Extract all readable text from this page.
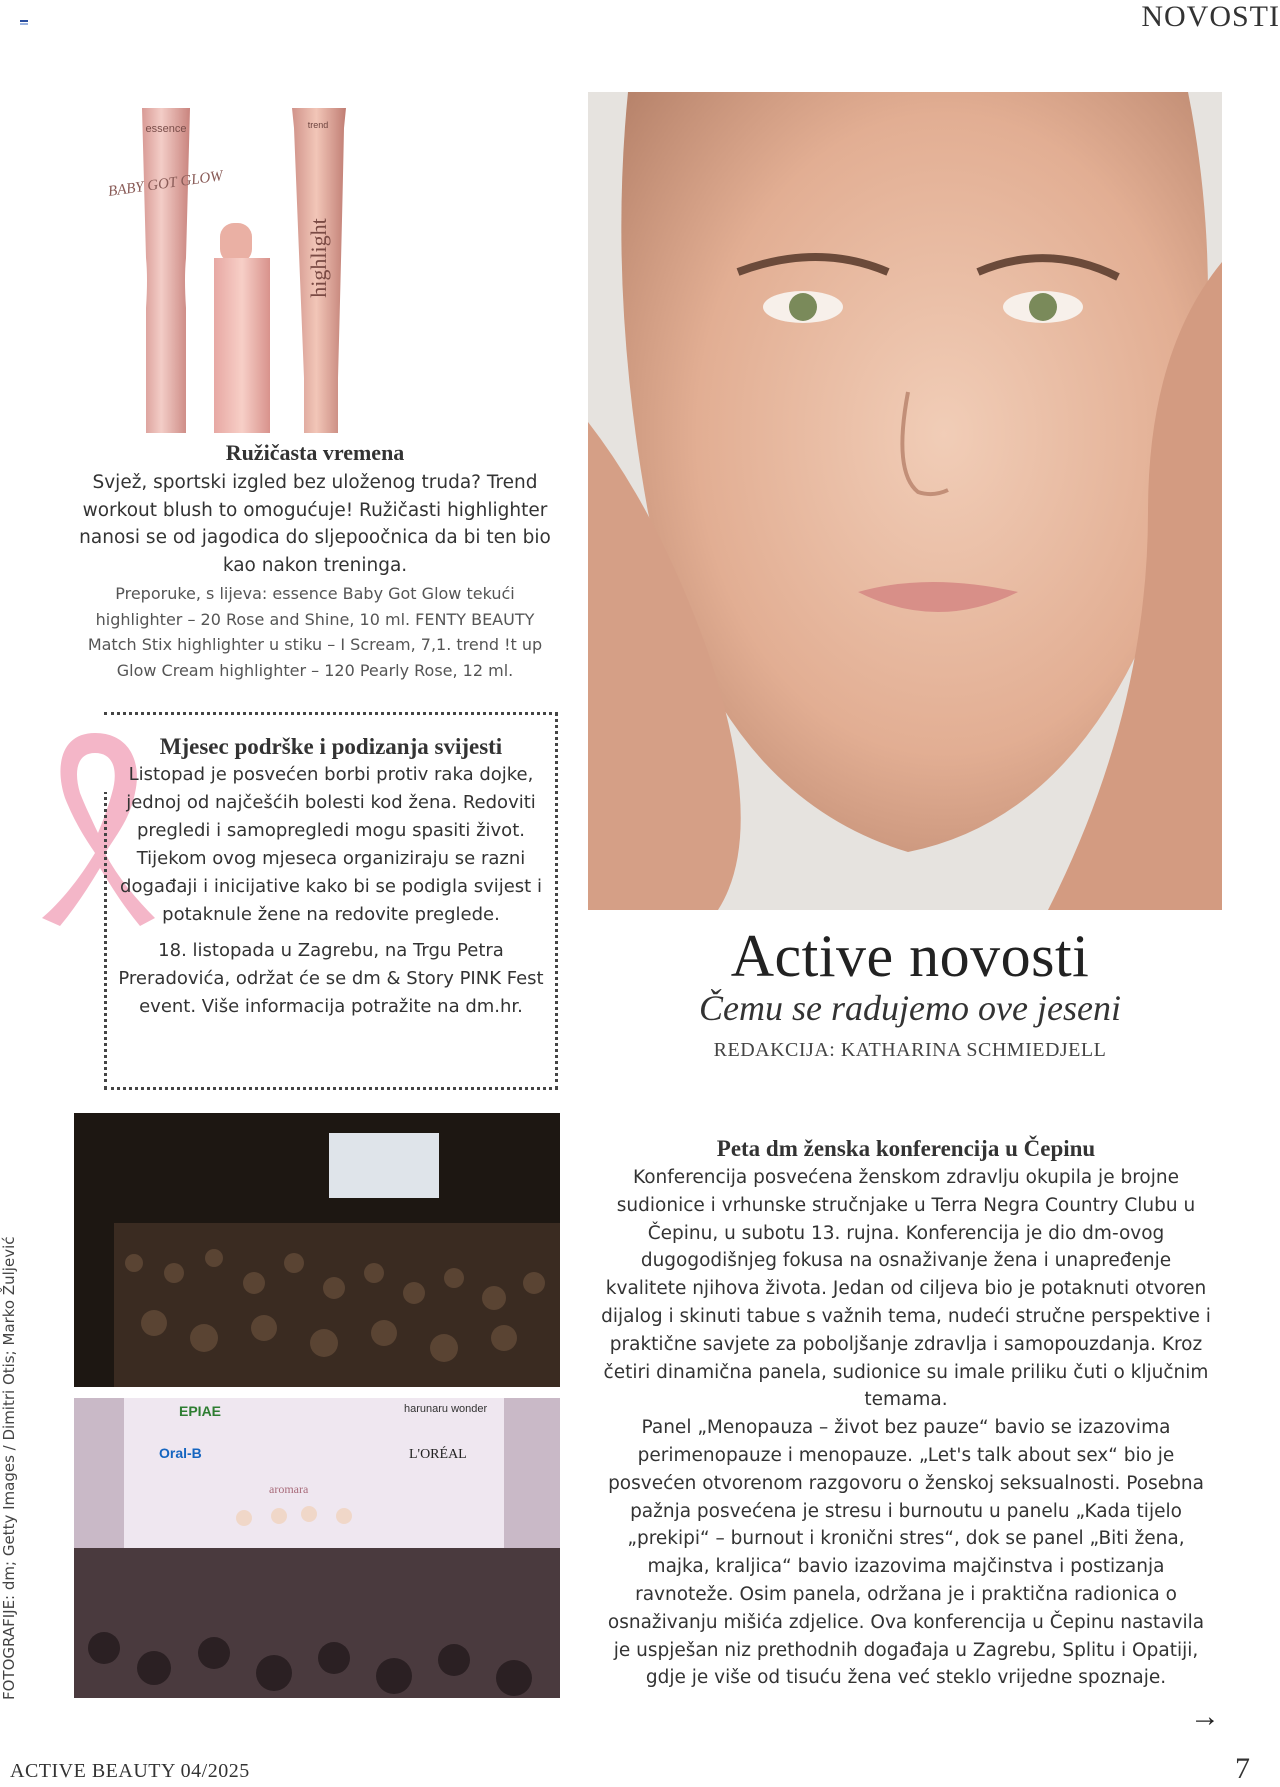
NOVOSTI
essence
BABY GOT GLOW
trend
highlight
Ružičasta vremena

Svjež, sportski izgled bez uloženog truda? Trend workout blush to omogućuje! Ružičasti highlighter nanosi se od jagodica do sljepoočnica da bi ten bio kao nakon treninga.

Preporuke, s lijeva: essence Baby Got Glow tekući highlighter – 20 Rose and Shine, 10 ml. FENTY BEAUTY Match Stix highlighter u stiku – I Scream, 7,1. trend !t up Glow Cream highlighter – 120 Pearly Rose, 12 ml.

Mjesec podrške i podizanja svijesti

Listopad je posvećen borbi protiv raka dojke, jednoj od najčešćih bolesti kod žena. Redoviti pregledi i samopregledi mogu spasiti život. Tijekom ovog mjeseca organiziraju se razni događaji i inicijative kako bi se podigla svijest i potaknule žene na redovite preglede.

18. listopada u Zagrebu, na Trgu Petra Preradovića, održat će se dm & Story PINK Fest event. Više informacija potražite na dm.hr.

Active novosti
Čemu se radujemo ove jeseni

REDAKCIJA: KATHARINA SCHMIEDJELL

EPIAE	harunaru wonder
Oral-B	L'ORÉAL
aromara
FOTOGRAFIJE: dm; Getty Images / Dimitri Otis; Marko Žuljević
Peta dm ženska konferencija u Čepinu

Konferencija posvećena ženskom zdravlju okupila je brojne sudionice i vrhunske stručnjake u Terra Negra Country Clubu u Čepinu, u subotu 13. rujna. Konferencija je dio dm-ovog dugogodišnjeg fokusa na osnaživanje žena i unapređenje kvalitete njihova života. Jedan od ciljeva bio je potaknuti otvoren dijalog i skinuti tabue s važnih tema, nudeći stručne perspektive i praktične savjete za poboljšanje zdravlja i samopouzdanja. Kroz četiri dinamična panela, sudionice su imale priliku čuti o ključnim temama.

Panel „Menopauza – život bez pauze“ bavio se izazovima perimenopauze i menopauze. „Let's talk about sex“ bio je posvećen otvorenom razgovoru o ženskoj seksualnosti. Posebna pažnja posvećena je stresu i burnoutu u panelu „Kada tijelo „prekipi“ – burnout i kronični stres“, dok se panel „Biti žena, majka, kraljica“ bavio izazovima majčinstva i postizanja ravnoteže. Osim panela, održana je i praktična radionica o osnaživanju mišića zdjelice. Ova konferencija u Čepinu nastavila je uspješan niz prethodnih događaja u Zagrebu, Splitu i Opatiji, gdje je više od tisuću žena već steklo vrijedne spoznaje.

→
ACTIVE BEAUTY 04/2025	7
